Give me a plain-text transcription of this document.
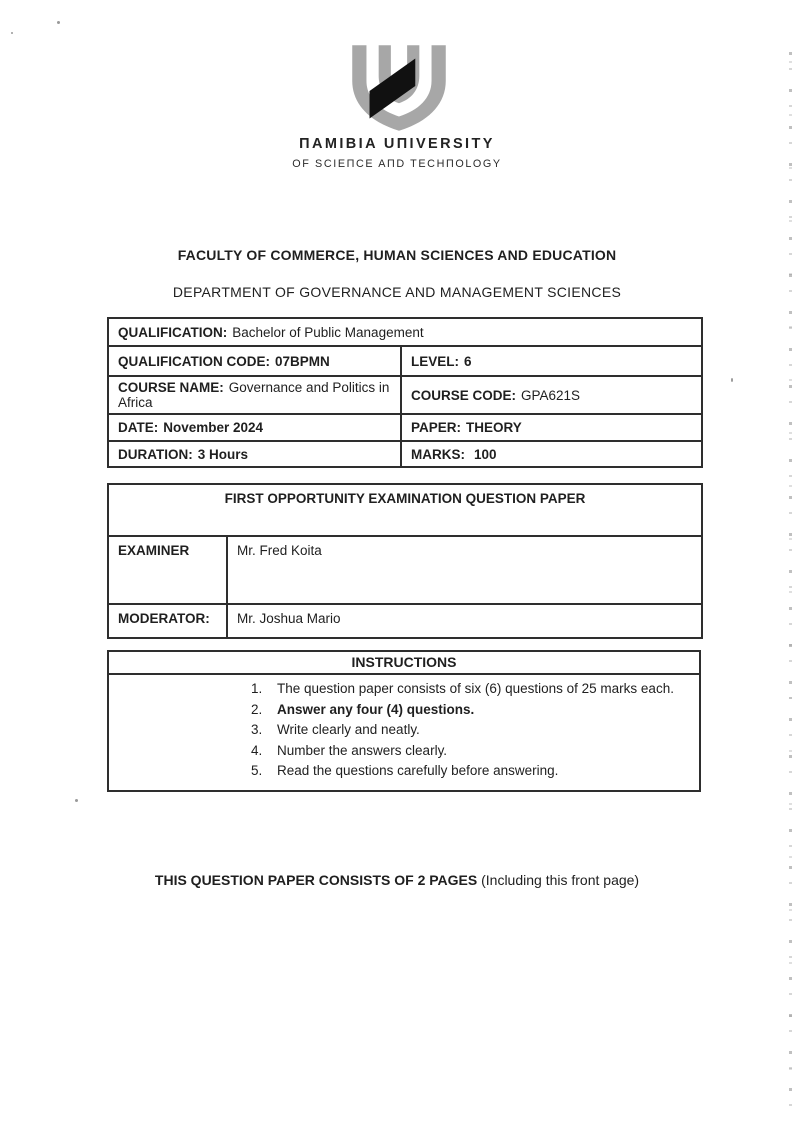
ПAMIBIA UПIVERSITY
OF SCIEПCE AПD TECHПOLOGY
FACULTY OF COMMERCE, HUMAN SCIENCES AND EDUCATION
DEPARTMENT OF GOVERNANCE AND MANAGEMENT SCIENCES
QUALIFICATION: Bachelor of Public Management	
QUALIFICATION CODE: 07BPMN	LEVEL: 6
COURSE NAME: Governance and Politics in Africa	COURSE CODE: GPA621S
DATE: November 2024	PAPER: THEORY
DURATION: 3 Hours	MARKS: 100
FIRST OPPORTUNITY EXAMINATION QUESTION PAPER	
EXAMINER	Mr. Fred Koita
MODERATOR:	Mr. Joshua Mario
INSTRUCTIONS
1.	The question paper consists of six (6) questions of 25 marks each.
2.	Answer any four (4) questions.
3.	Write clearly and neatly.
4.	Number the answers clearly.
5.	Read the questions carefully before answering.
THIS QUESTION PAPER CONSISTS OF 2 PAGES (Including this front page)
